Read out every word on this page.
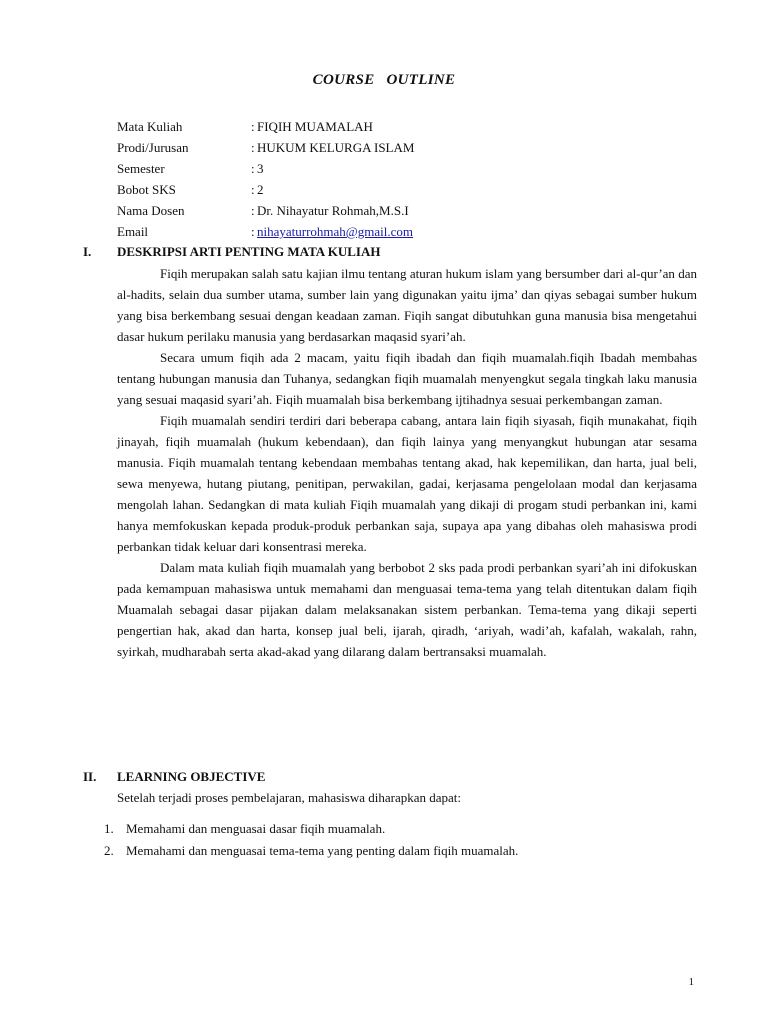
COURSE OUTLINE
Mata Kuliah	: FIQIH MUAMALAH
Prodi/Jurusan	: HUKUM KELURGA ISLAM
Semester	: 3
Bobot SKS	: 2
Nama Dosen	: Dr. Nihayatur Rohmah,M.S.I
Email	: nihayaturrohmah@gmail.com
I.	DESKRIPSI ARTI PENTING MATA KULIAH

Fiqih merupakan salah satu kajian ilmu tentang aturan hukum islam yang bersumber dari al-qur’an dan al-hadits, selain dua sumber utama, sumber lain yang digunakan yaitu ijma’ dan qiyas sebagai sumber hukum yang bisa berkembang sesuai dengan keadaan zaman. Fiqih sangat dibutuhkan guna manusia bisa mengetahui dasar hukum perilaku manusia yang berdasarkan maqasid syari’ah.

Secara umum fiqih ada 2 macam, yaitu fiqih ibadah dan fiqih muamalah.fiqih Ibadah membahas tentang hubungan manusia dan Tuhanya, sedangkan fiqih muamalah menyengkut segala tingkah laku manusia yang sesuai maqasid syari’ah. Fiqih muamalah bisa berkembang ijtihadnya sesuai perkembangan zaman.

Fiqih muamalah sendiri terdiri dari beberapa cabang, antara lain fiqih siyasah, fiqih munakahat, fiqih jinayah, fiqih muamalah (hukum kebendaan), dan fiqih lainya yang menyangkut hubungan atar sesama manusia. Fiqih muamalah tentang kebendaan membahas tentang akad, hak kepemilikan, dan harta, jual beli, sewa menyewa, hutang piutang, penitipan, perwakilan, gadai, kerjasama pengelolaan modal dan kerjasama mengolah lahan. Sedangkan di mata kuliah Fiqih muamalah yang dikaji di progam studi perbankan ini, kami hanya memfokuskan kepada produk-produk perbankan saja, supaya apa yang dibahas oleh mahasiswa prodi perbankan tidak keluar dari konsentrasi mereka.

Dalam mata kuliah fiqih muamalah yang berbobot 2 sks pada prodi perbankan syari’ah ini difokuskan pada kemampuan mahasiswa untuk memahami dan menguasai tema-tema yang telah ditentukan dalam fiqih Muamalah sebagai dasar pijakan dalam melaksanakan sistem perbankan. Tema-tema yang dikaji seperti pengertian hak, akad dan harta, konsep jual beli, ijarah, qiradh, ‘ariyah, wadi’ah, kafalah, wakalah, rahn, syirkah, mudharabah serta akad-akad yang dilarang dalam bertransaksi muamalah.

II.	LEARNING OBJECTIVE
Setelah terjadi proses pembelajaran, mahasiswa diharapkan dapat:
1. Memahami dan menguasai dasar fiqih muamalah.
2. Memahami dan menguasai tema-tema yang penting dalam fiqih muamalah.
1
